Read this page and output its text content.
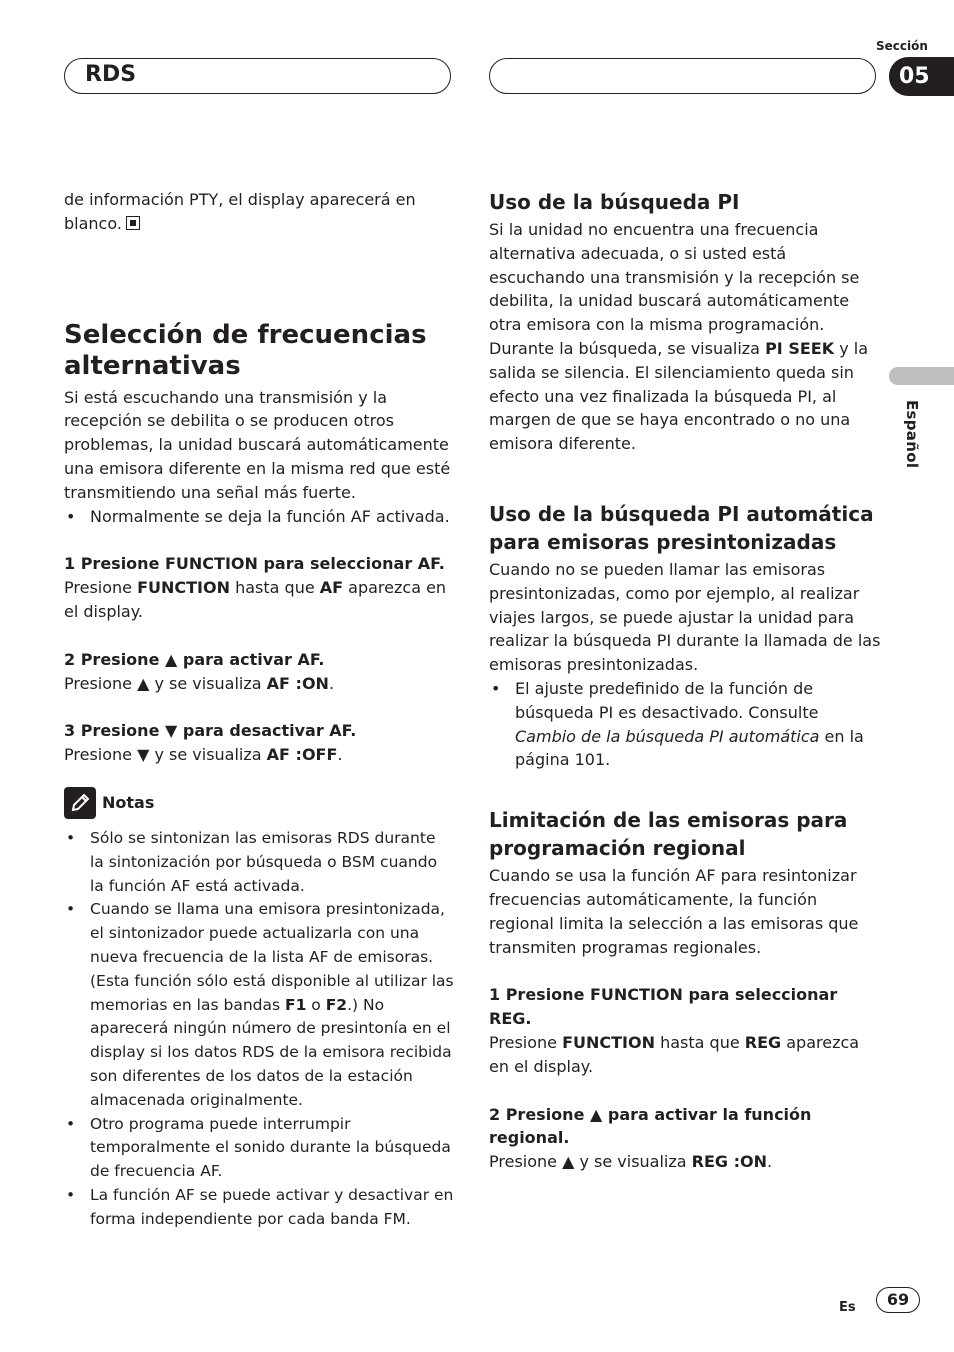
RDS
Sección
05
Español

de información PTY, el display aparecerá en
blanco.

Selección de frecuencias alternativas

Si está escuchando una transmisión y la recepción se debilita o se producen otros problemas, la unidad buscará automáticamente una emisora diferente en la misma red que esté transmitiendo una señal más fuerte.

• Normalmente se deja la función AF activada.

1 Presione FUNCTION para seleccionar AF.

Presione FUNCTION hasta que AF aparezca en el display.

2 Presione ▲ para activar AF.

Presione ▲ y se visualiza AF :ON.

3 Presione ▼ para desactivar AF.

Presione ▼ y se visualiza AF :OFF.

Notas
• Sólo se sintonizan las emisoras RDS durante la sintonización por búsqueda o BSM cuando la función AF está activada.
• Cuando se llama una emisora presintonizada, el sintonizador puede actualizarla con una nueva frecuencia de la lista AF de emisoras. (Esta función sólo está disponible al utilizar las memorias en las bandas F1 o F2.) No aparecerá ningún número de presintonía en el display si los datos RDS de la emisora recibida son diferentes de los datos de la estación almacenada originalmente.
• Otro programa puede interrumpir temporalmente el sonido durante la búsqueda de frecuencia AF.
• La función AF se puede activar y desactivar en forma independiente por cada banda FM.
Uso de la búsqueda PI

Si la unidad no encuentra una frecuencia alternativa adecuada, o si usted está escuchando una transmisión y la recepción se debilita, la unidad buscará automáticamente otra emisora con la misma programación. Durante la búsqueda, se visualiza PI SEEK y la salida se silencia. El silenciamiento queda sin efecto una vez finalizada la búsqueda PI, al margen de que se haya encontrado o no una emisora diferente.

Uso de la búsqueda PI automática para emisoras presintonizadas

Cuando no se pueden llamar las emisoras presintonizadas, como por ejemplo, al realizar viajes largos, se puede ajustar la unidad para realizar la búsqueda PI durante la llamada de las emisoras presintonizadas.

• El ajuste predefinido de la función de búsqueda PI es desactivado. Consulte Cambio de la búsqueda PI automática en la página 101.
Limitación de las emisoras para programación regional

Cuando se usa la función AF para resintonizar frecuencias automáticamente, la función regional limita la selección a las emisoras que transmiten programas regionales.

1 Presione FUNCTION para seleccionar REG.

Presione FUNCTION hasta que REG aparezca en el display.

2 Presione ▲ para activar la función regional.

Presione ▲ y se visualiza REG :ON.

Es	69
